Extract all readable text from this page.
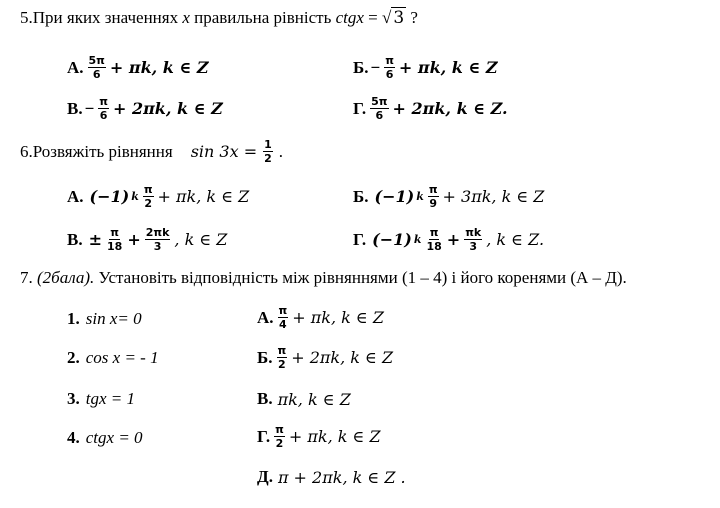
5.При яких значеннях x правильна рівність ctgx = √ 3 ?
А. $\frac{5\pi}{6} + \pi k$, k ∈ Z	Б. − $\frac{\pi}{6} + \pi k$, k ∈ Z
В. − $\frac{\pi}{6} + 2\pi k$, k ∈ Z	Г. $\frac{5\pi}{6} + 2\pi k$, k ∈ Z.
6.Розвяжіть рівняння $\sin 3x = \frac{1}{2}$ .
А. (−1) k $\frac{\pi}{2} + \pi k$, k ∈ Z	Б. (−1) k $\frac{\pi}{9} + 3\pi k$, k ∈ Z
В. ± $\frac{\pi}{18} + \frac{2\pi k}{3}$ , k ∈ Z	Г. (−1) k $\frac{\pi}{18} + \frac{\pi k}{3}$ , k ∈ Z.
7. (2бала). Установіть відповідність між рівняннями (1 – 4) і його коренями (А – Д).
1. sin x= 0
2. cos x = - 1
3. tgx = 1
4. ctgx = 0
А. $\frac{\pi}{4} + \pi k$, k ∈ Z
Б. $\frac{\pi}{2} + 2\pi k$, k ∈ Z
В. πk, k ∈ Z
Г. $\frac{\pi}{2} + \pi k$, k ∈ Z
Д. π + 2πk, k ∈ Z .
